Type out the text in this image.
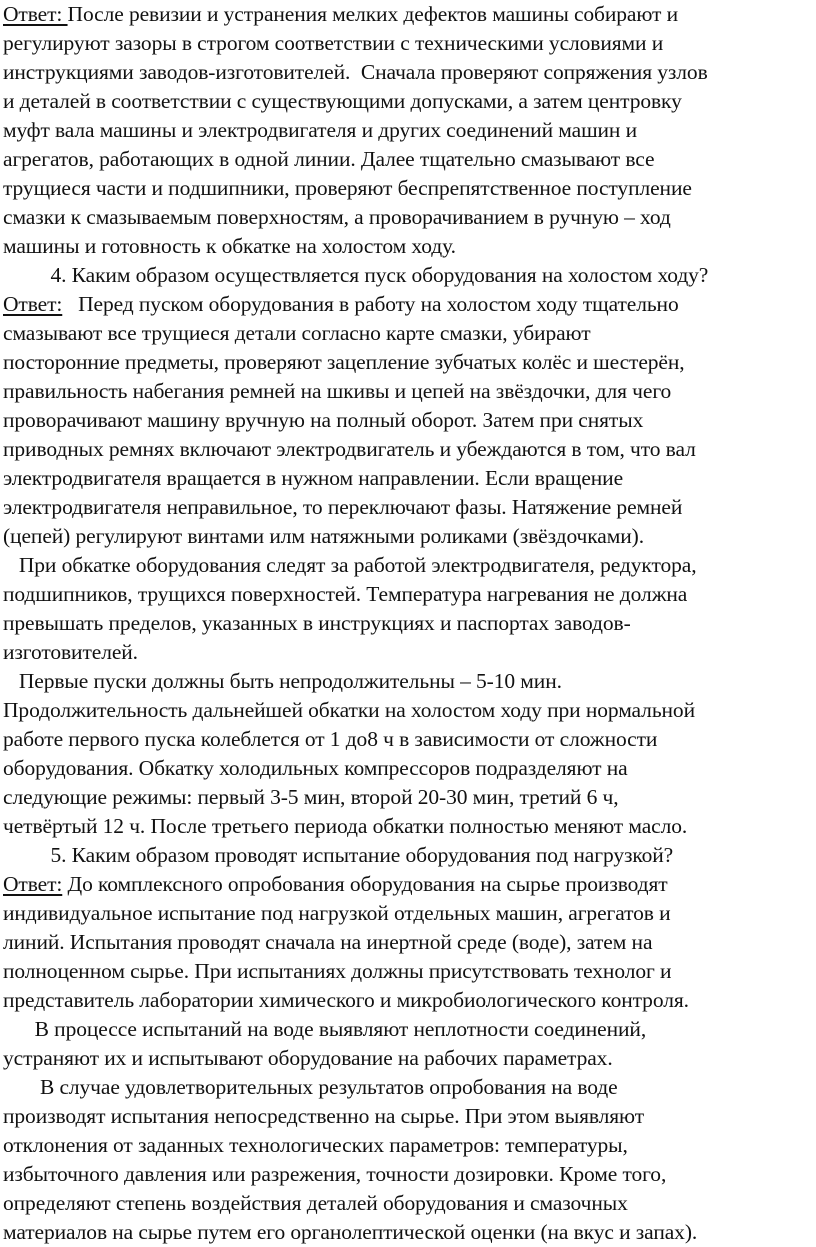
Ответ: После ревизии и устранения мелких дефектов машины собирают и
регулируют зазоры в строгом соответствии с техническими условиями и
инструкциями заводов-изготовителей.  Сначала проверяют сопряжения узлов
и деталей в соответствии с существующими допусками, а затем центровку
муфт вала машины и электродвигателя и других соединений машин и
агрегатов, работающих в одной линии. Далее тщательно смазывают все
трущиеся части и подшипники, проверяют беспрепятственное поступление
смазки к смазываемым поверхностям, а проворачиванием в ручную – ход
машины и готовность к обкатке на холостом ходу.

4. Каким образом осуществляется пуск оборудования на холостом ходу?

Ответ:   Перед пуском оборудования в работу на холостом ходу тщательно
смазывают все трущиеся детали согласно карте смазки, убирают
посторонние предметы, проверяют зацепление зубчатых колёс и шестерён,
правильность набегания ремней на шкивы и цепей на звёздочки, для чего
проворачивают машину вручную на полный оборот. Затем при снятых
приводных ремнях включают электродвигатель и убеждаются в том, что вал
электродвигателя вращается в нужном направлении. Если вращение
электродвигателя неправильное, то переключают фазы. Натяжение ремней
(цепей) регулируют винтами илм натяжными роликами (звёздочками).

При обкатке оборудования следят за работой электродвигателя, редуктора,
подшипников, трущихся поверхностей. Температура нагревания не должна
превышать пределов, указанных в инструкциях и паспортах заводов-
изготовителей.

Первые пуски должны быть непродолжительны – 5-10 мин.
Продолжительность дальнейшей обкатки на холостом ходу при нормальной
работе первого пуска колеблется от 1 до8 ч в зависимости от сложности
оборудования. Обкатку холодильных компрессоров подразделяют на
следующие режимы: первый 3-5 мин, второй 20-30 мин, третий 6 ч,
четвёртый 12 ч. После третьего периода обкатки полностью меняют масло.

5. Каким образом проводят испытание оборудования под нагрузкой?

Ответ: До комплексного опробования оборудования на сырье производят
индивидуальное испытание под нагрузкой отдельных машин, агрегатов и
линий. Испытания проводят сначала на инертной среде (воде), затем на
полноценном сырье. При испытаниях должны присутствовать технолог и
представитель лаборатории химического и микробиологического контроля.

В процессе испытаний на воде выявляют неплотности соединений,
устраняют их и испытывают оборудование на рабочих параметрах.

В случае удовлетворительных результатов опробования на воде
производят испытания непосредственно на сырье. При этом выявляют
отклонения от заданных технологических параметров: температуры,
избыточного давления или разрежения, точности дозировки. Кроме того,
определяют степень воздействия деталей оборудования и смазочных
материалов на сырье путем его органолептической оценки (на вкус и запах).
